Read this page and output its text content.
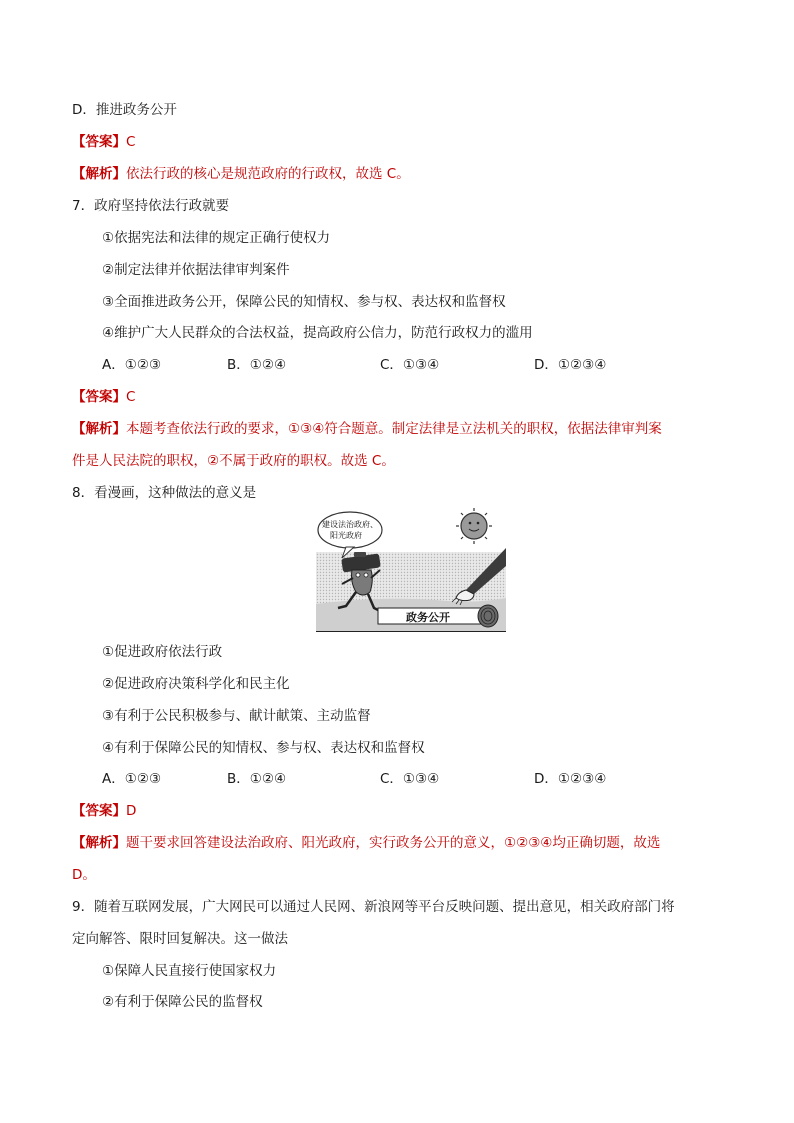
D．推进政务公开
【答案】C
【解析】依法行政的核心是规范政府的行政权，故选 C。
7．政府坚持依法行政就要
①依据宪法和法律的规定正确行使权力
②制定法律并依据法律审判案件
③全面推进政务公开，保障公民的知情权、参与权、表达权和监督权
④维护广大人民群众的合法权益，提高政府公信力，防范行政权力的滥用
A．①②③	B．①②④	C．①③④	D．①②③④
【答案】C
【解析】本题考查依法行政的要求，①③④符合题意。制定法律是立法机关的职权，依据法律审判案
件是人民法院的职权，②不属于政府的职权。故选 C。
8．看漫画，这种做法的意义是
建设法治政府、
阳光政府
政务公开
①促进政府依法行政
②促进政府决策科学化和民主化
③有利于公民积极参与、献计献策、主动监督
④有利于保障公民的知情权、参与权、表达权和监督权
A．①②③	B．①②④	C．①③④	D．①②③④
【答案】D
【解析】题干要求回答建设法治政府、阳光政府，实行政务公开的意义，①②③④均正确切题，故选
D。
9．随着互联网发展，广大网民可以通过人民网、新浪网等平台反映问题、提出意见，相关政府部门将
定向解答、限时回复解决。这一做法
①保障人民直接行使国家权力
②有利于保障公民的监督权
